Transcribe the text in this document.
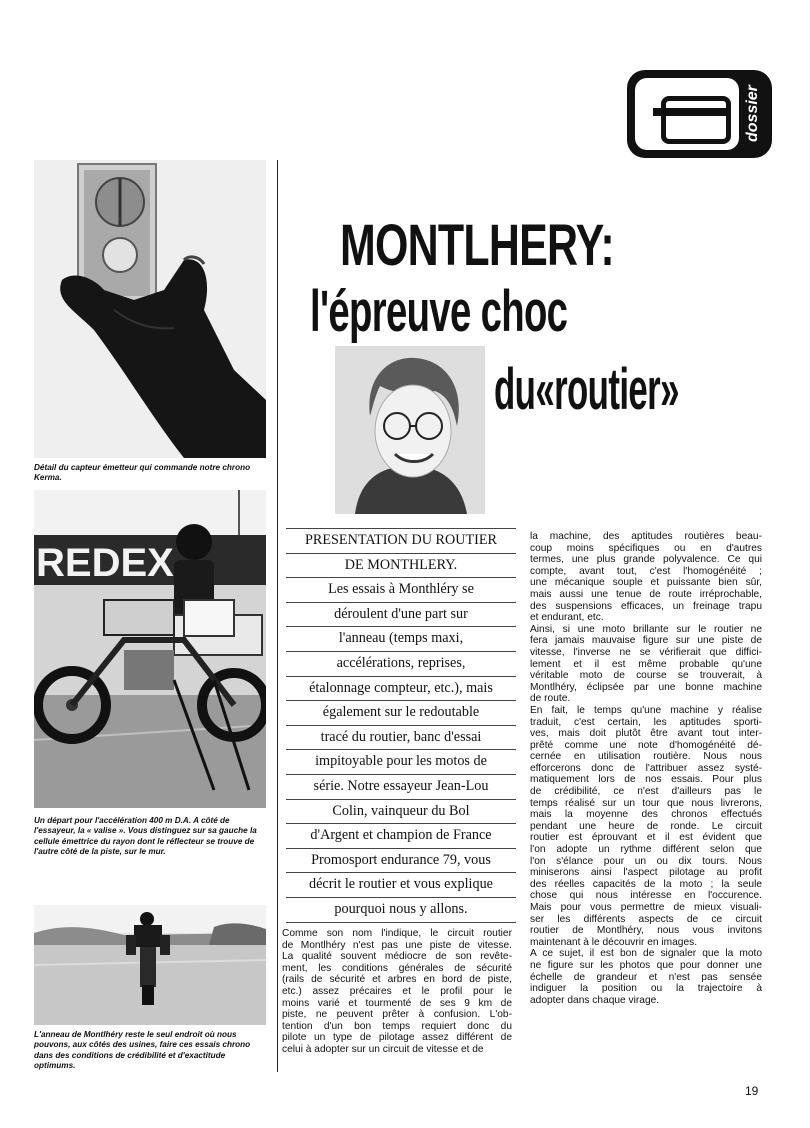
dossier
Détail du capteur émetteur qui commande notre chrono Kerma.
REDEX
Un départ pour l'accélération 400 m D.A. A côté de l'essayeur, la « valise ». Vous distinguez sur sa gauche la cellule émettrice du rayon dont le réflecteur se trouve de l'autre côté de la piste, sur le mur.
L'anneau de Montlhéry reste le seul endroit où nous pouvons, aux côtés des usines, faire ces essais chrono dans des conditions de crédibilité et d'exactitude optimums.
MONTLHERY:
l'épreuve choc
du«routier»
PRESENTATION DU ROUTIER
DE MONTHLERY.
Les essais à Monthléry se
déroulent d'une part sur
l'anneau (temps maxi,
accélérations, reprises,
étalonnage compteur, etc.), mais
également sur le redoutable
tracé du routier, banc d'essai
impitoyable pour les motos de
série. Notre essayeur Jean-Lou
Colin, vainqueur du Bol
d'Argent et champion de France
Promosport endurance 79, vous
décrit le routier et vous explique
pourquoi nous y allons.
Comme son nom l'indique, le circuit routier
de Montlhéry n'est pas une piste de vitesse.
La qualité souvent médiocre de son revête-
ment, les conditions générales de sécurité
(rails de sécurité et arbres en bord de piste,
etc.) assez précaires et le profil pour le
moins varié et tourmenté de ses 9 km de
piste, ne peuvent prêter à confusion. L'ob-
tention d'un bon temps requiert donc du
pilote un type de pilotage assez différent de
celui à adopter sur un circuit de vitesse et de
la machine, des aptitudes routières beau-
coup moins spécifiques ou en d'autres
termes, une plus grande polyvalence. Ce qui
compte, avant tout, c'est l'homogénéité ;
une mécanique souple et puissante bien sûr,
mais aussi une tenue de route irréprochable,
des suspensions efficaces, un freinage trapu
et endurant, etc.
Ainsi, si une moto brillante sur le routier ne
fera jamais mauvaise figure sur une piste de
vitesse, l'inverse ne se vérifierait que diffici-
lement et il est même probable qu'une
véritable moto de course se trouverait, à
Montlhéry, éclipsée par une bonne machine
de route.
En fait, le temps qu'une machine y réalise
traduit, c'est certain, les aptitudes sporti-
ves, mais doit plutôt être avant tout inter-
prêté comme une note d'homogénéité dé-
cernée en utilisation routière. Nous nous
efforcerons donc de l'attribuer assez systé-
matiquement lors de nos essais. Pour plus
de crédibilité, ce n'est d'ailleurs pas le
temps réalisé sur un tour que nous livrerons,
mais la moyenne des chronos effectués
pendant une heure de ronde. Le circuit
routier est éprouvant et il est évident que
l'on adopte un rythme différent selon que
l'on s'élance pour un ou dix tours. Nous
miniserons ainsi l'aspect pilotage au profit
des réelles capacités de la moto ; la seule
chose qui nous intéresse en l'occurence.
Mais pour vous permettre de mieux visuali-
ser les différents aspects de ce circuit
routier de Montlhéry, nous vous invitons
maintenant à le découvrir en images.
A ce sujet, il est bon de signaler que la moto
ne figure sur les photos que pour donner une
échelle de grandeur et n'est pas sensée
indiguer la position ou la trajectoire à
adopter dans chaque virage.
19
